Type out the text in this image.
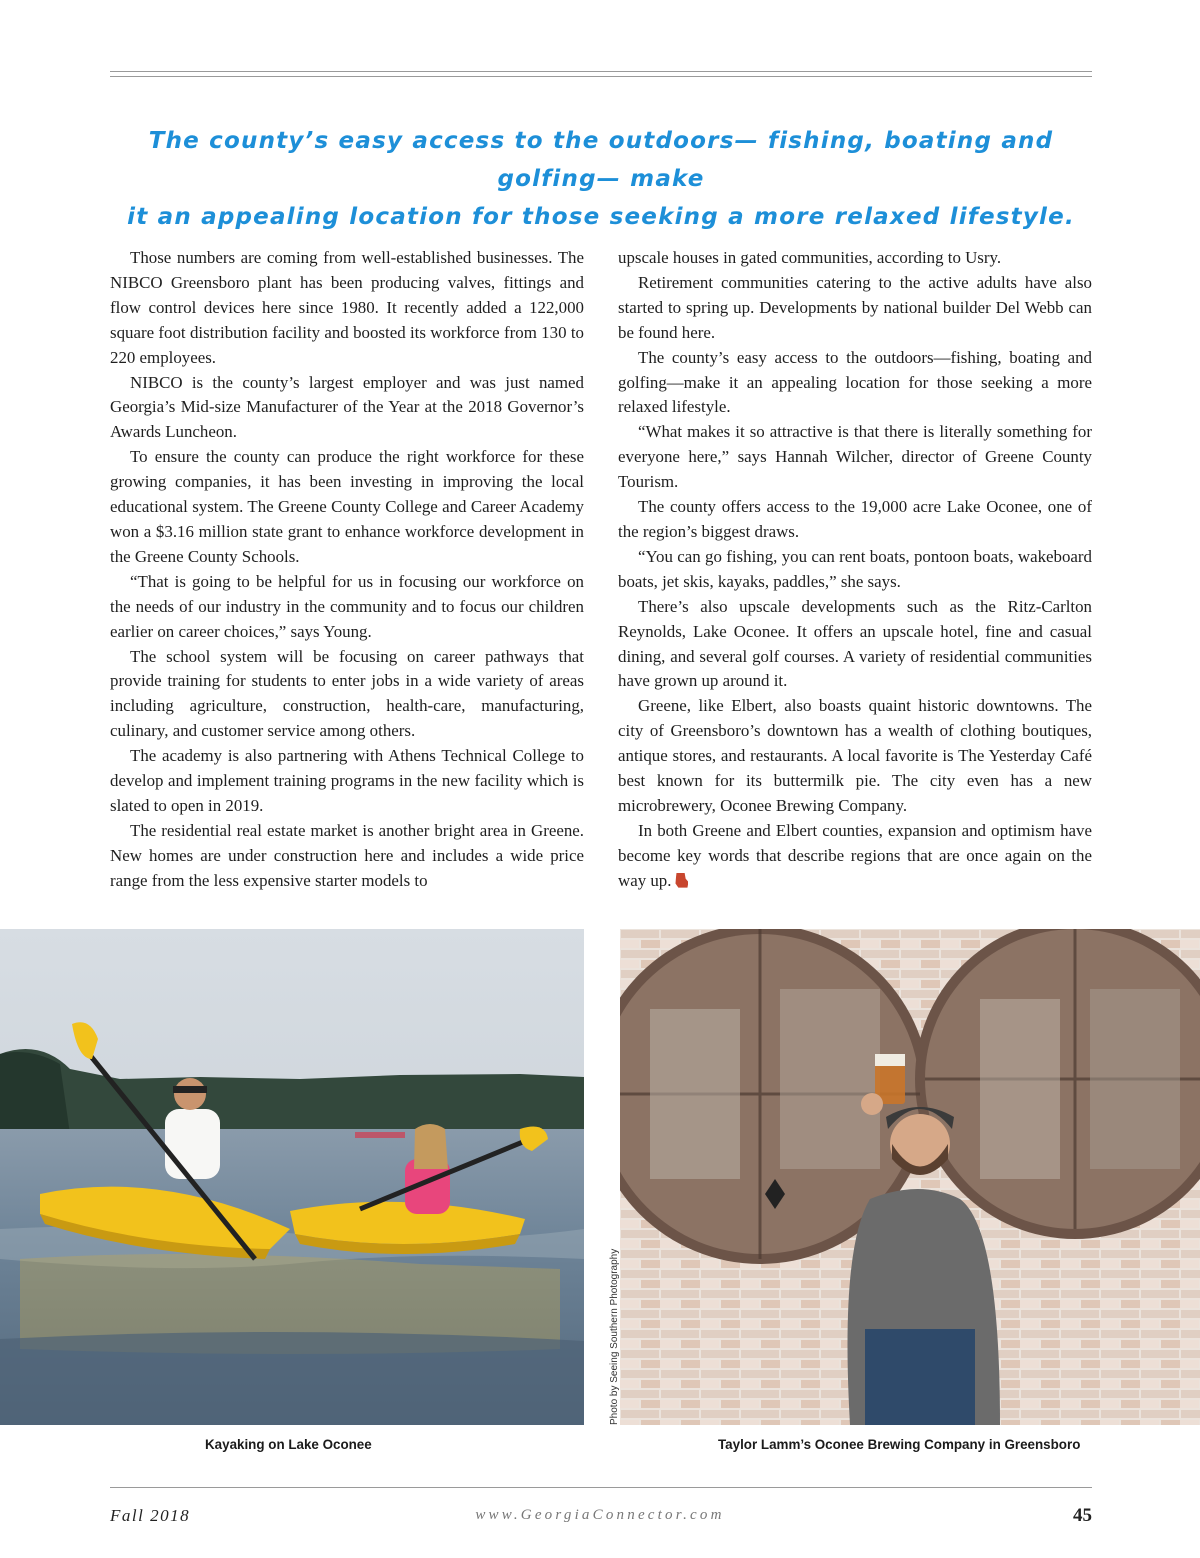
The county’s easy access to the outdoors— fishing, boating and golfing— make
it an appealing location for those seeking a more relaxed lifestyle.

Those numbers are coming from well-established businesses. The NIBCO Greensboro plant has been producing valves, fittings and flow control devices here since 1980. It recently added a 122,000 square foot distribution facility and boosted its workforce from 130 to 220 employees.

NIBCO is the county’s largest employer and was just named Georgia’s Mid-size Manufacturer of the Year at the 2018 Governor’s Awards Luncheon.

To ensure the county can produce the right workforce for these growing companies, it has been investing in improving the local educational system. The Greene County College and Career Academy won a $3.16 million state grant to enhance workforce development in the Greene County Schools.

“That is going to be helpful for us in focusing our workforce on the needs of our industry in the community and to focus our children earlier on career choices,” says Young.

The school system will be focusing on career pathways that provide training for students to enter jobs in a wide variety of areas including agriculture, construction, health-care, manufacturing, culinary, and customer service among others.

The academy is also partnering with Athens Technical College to develop and implement training programs in the new facility which is slated to open in 2019.

The residential real estate market is another bright area in Greene. New homes are under construction here and includes a wide price range from the less expensive starter models to

upscale houses in gated communities, according to Usry.

Retirement communities catering to the active adults have also started to spring up. Developments by national builder Del Webb can be found here.

The county’s easy access to the outdoors—fishing, boating and golfing—make it an appealing location for those seeking a more relaxed lifestyle.

“What makes it so attractive is that there is literally something for everyone here,” says Hannah Wilcher, director of Greene County Tourism.

The county offers access to the 19,000 acre Lake Oconee, one of the region’s biggest draws.

“You can go fishing, you can rent boats, pontoon boats, wakeboard boats, jet skis, kayaks, paddles,” she says.

There’s also upscale developments such as the Ritz-Carlton Reynolds, Lake Oconee. It offers an upscale hotel, fine and casual dining, and several golf courses. A variety of residential communities have grown up around it.

Greene, like Elbert, also boasts quaint historic downtowns. The city of Greensboro’s downtown has a wealth of clothing boutiques, antique stores, and restaurants. A local favorite is The Yesterday Café best known for its buttermilk pie. The city even has a new microbrewery, Oconee Brewing Company.

In both Greene and Elbert counties, expansion and optimism have become key words that describe regions that are once again on the way up.

Photo by Seeing Southern Photography
Kayaking on Lake Oconee	Taylor Lamm’s Oconee Brewing Company in Greensboro
Fall 2018	www.GeorgiaConnector.com	45
